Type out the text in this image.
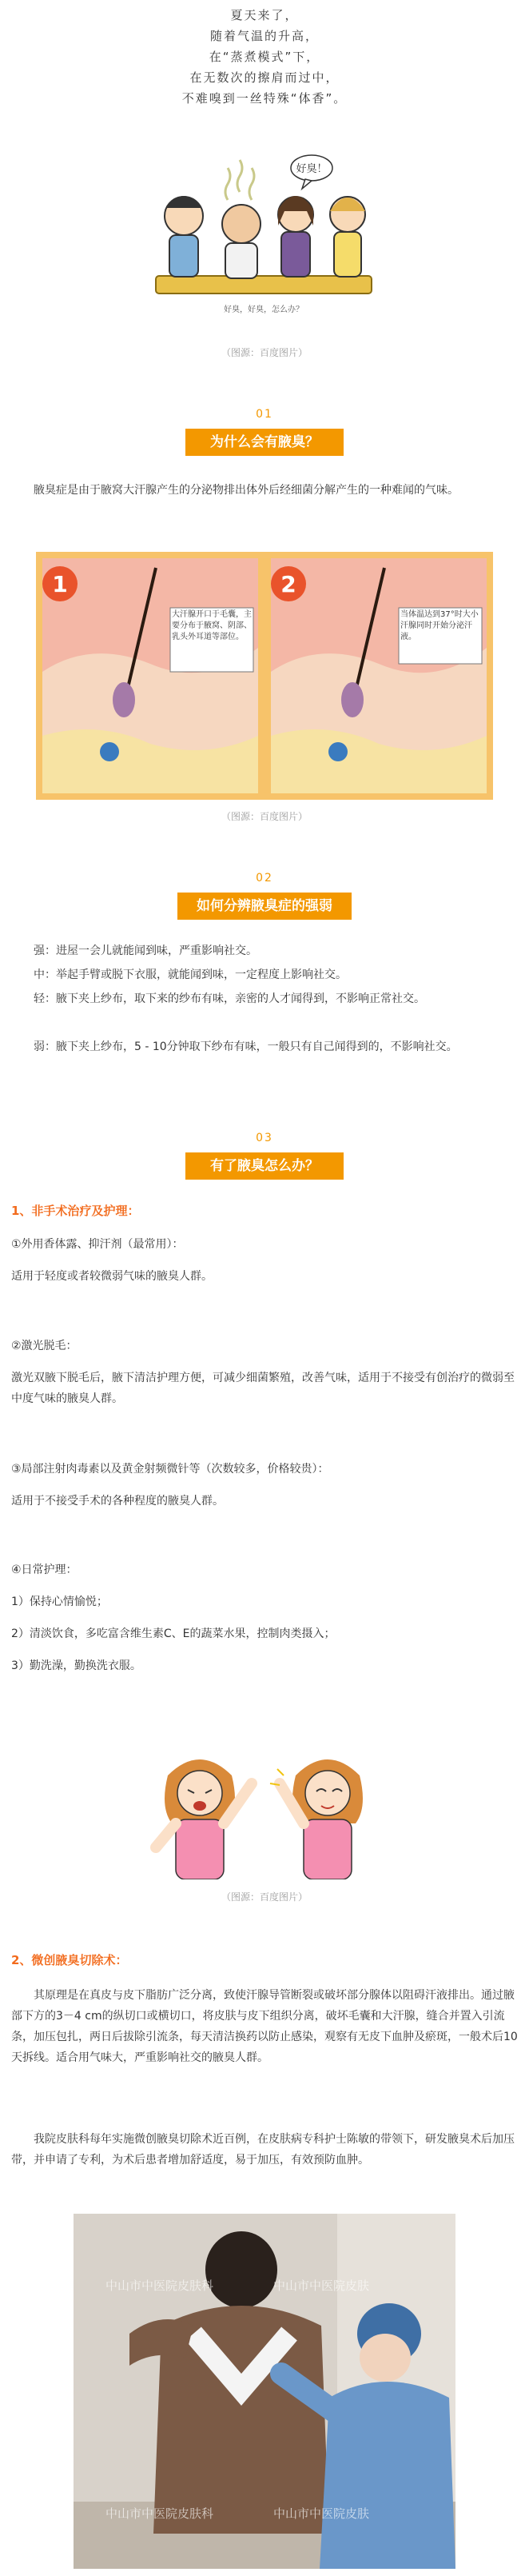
夏天来了，
随着气温的升高，
在“蒸煮模式”下，
在无数次的擦肩而过中，
不难嗅到一丝特殊“体香”。
好臭！
好臭，好臭，怎么办？
（图源：百度图片）
01
为什么会有腋臭？
腋臭症是由于腋窝大汗腺产生的分泌物排出体外后经细菌分解产生的一种难闻的气味。
1
大汗腺开口于毛囊，主要分布于腋窝、阴部、乳头外耳道等部位。
2
当体温达到37°时大小汗腺同时开始分泌汗液。
（图源：百度图片）
02
如何分辨腋臭症的强弱
强：进屋一会儿就能闻到味，严重影响社交。
中：举起手臂或脱下衣服，就能闻到味，一定程度上影响社交。
轻：腋下夹上纱布，取下来的纱布有味，亲密的人才闻得到，不影响正常社交。
弱：腋下夹上纱布，5 - 10分钟取下纱布有味，一般只有自己闻得到的，不影响社交。
03
有了腋臭怎么办？
1、非手术治疗及护理：
①外用香体露、抑汗剂（最常用）：
适用于轻度或者较微弱气味的腋臭人群。
②激光脱毛：
激光双腋下脱毛后，腋下清洁护理方便，可减少细菌繁殖，改善气味，适用于不接受有创治疗的微弱至中度气味的腋臭人群。
③局部注射肉毒素以及黄金射频微针等（次数较多，价格较贵）：
适用于不接受手术的各种程度的腋臭人群。
④日常护理：
1）保持心情愉悦；
2）清淡饮食，多吃富含维生素C、E的蔬菜水果，控制肉类摄入；
3）勤洗澡，勤换洗衣服。
（图源：百度图片）
2、微创腋臭切除术：
其原理是在真皮与皮下脂肪广泛分离，致使汗腺导管断裂或破坏部分腺体以阻碍汗液排出。通过腋部下方的3－4 cm的纵切口或横切口，将皮肤与皮下组织分离，破坏毛囊和大汗腺，缝合并置入引流条，加压包扎，两日后拔除引流条，每天清洁换药以防止感染，观察有无皮下血肿及瘀斑，一般术后10天拆线。适合用气味大，严重影响社交的腋臭人群。
我院皮肤科每年实施微创腋臭切除术近百例，在皮肤病专科护士陈敏的带领下，研发腋臭术后加压带，并申请了专利，为术后患者增加舒适度，易于加压，有效预防血肿。
中山市中医院皮肤科	中山市中医院皮肤
中山市中医院皮肤科	中山市中医院皮肤
